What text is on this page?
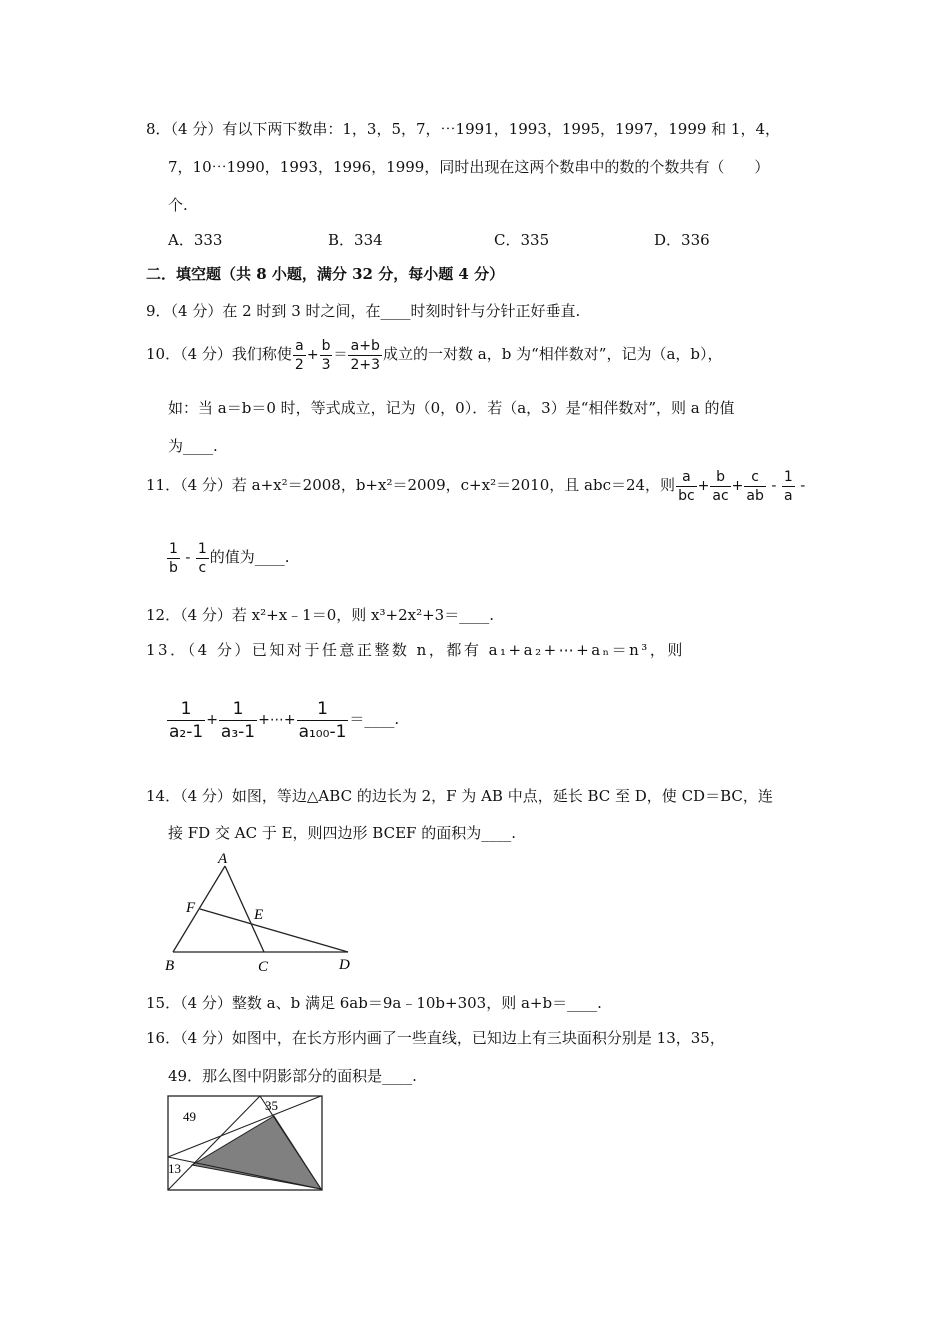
8．（4 分）有以下两下数串：1，3，5，7，⋯1991，1993，1995，1997，1999 和 1，4，
7，10⋯1990，1993，1996，1999，同时出现在这两个数串中的数的个数共有（　　）
个.
A．333	B．334	C．335	D．336
二．填空题（共 8 小题，满分 32 分，每小题 4 分）
9．（4 分）在 2 时到 3 时之间，在____时刻时针与分针正好垂直.
10．（4 分）我们称使 $\frac{a}{2} + \frac{b}{3} = \frac{a+b}{2+3}$ 成立的一对数 a，b 为“相伴数对”，记为（a，b），
如：当 a＝b＝0 时，等式成立，记为（0，0）．若（a，3）是“相伴数对”，则 a 的值
为____.
11．（4 分）若 a+x²＝2008，b+x²＝2009，c+x²＝2010，且 abc＝24，则 $\frac{a}{bc} + \frac{b}{ac} + \frac{c}{ab} - \frac{1}{a}$ -
$\frac{1}{b} - \frac{1}{c}$ 的值为____.
12．（4 分）若 x²+x﹣1＝0，则 x³+2x²+3＝____.
13．（4 分）已知对于任意正整数 n，都有 a₁+a₂+⋯+aₙ＝n³，则
$\frac{1}{\text{a₂-1}} + \frac{1}{\text{a₃-1}}$ +⋯+ $\frac{1}{\text{a₁₀₀-1}}$ ＝____.
14．（4 分）如图，等边△ABC 的边长为 2，F 为 AB 中点，延长 BC 至 D，使 CD＝BC，连
接 FD 交 AC 于 E，则四边形 BCEF 的面积为____.
A
F	E
B	C	D
15．（4 分）整数 a、b 满足 6ab＝9a﹣10b+303，则 a+b＝____.
16．（4 分）如图中，在长方形内画了一些直线，已知边上有三块面积分别是 13，35，
49．那么图中阴影部分的面积是____.
49
35
13
